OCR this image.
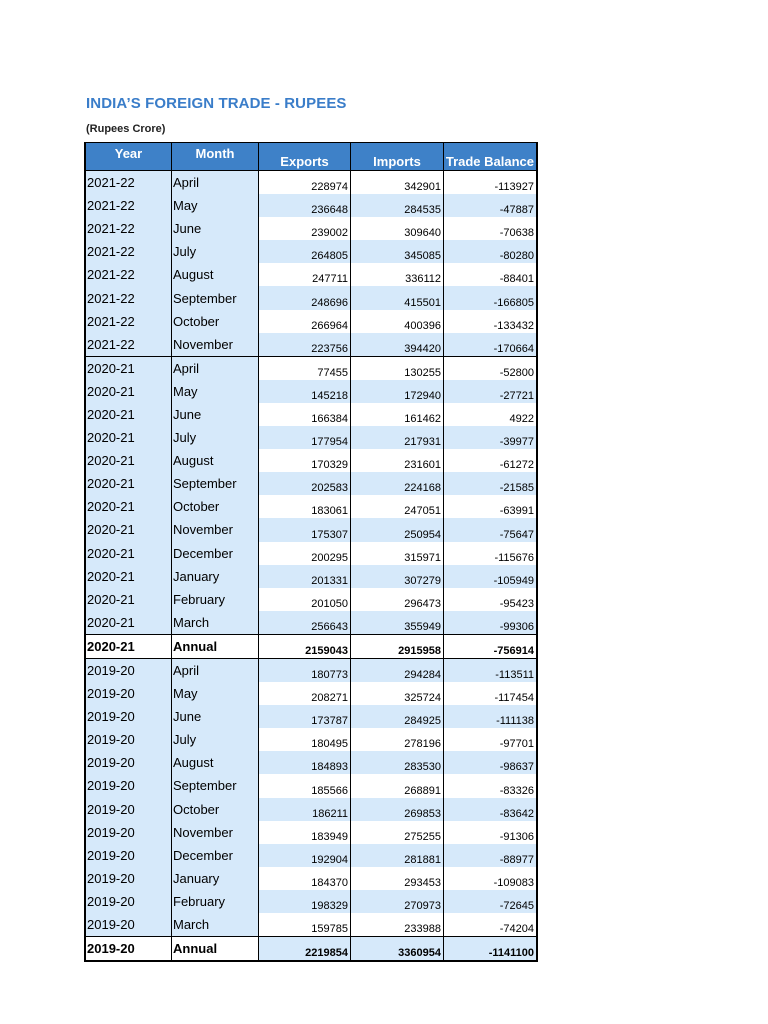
INDIA’S FOREIGN TRADE - RUPEES
(Rupees Crore)
Year	Month	Exports	Imports	Trade Balance
2021-22	April	228974	342901	-113927
2021-22	May	236648	284535	-47887
2021-22	June	239002	309640	-70638
2021-22	July	264805	345085	-80280
2021-22	August	247711	336112	-88401
2021-22	September	248696	415501	-166805
2021-22	October	266964	400396	-133432
2021-22	November	223756	394420	-170664
2020-21	April	77455	130255	-52800
2020-21	May	145218	172940	-27721
2020-21	June	166384	161462	4922
2020-21	July	177954	217931	-39977
2020-21	August	170329	231601	-61272
2020-21	September	202583	224168	-21585
2020-21	October	183061	247051	-63991
2020-21	November	175307	250954	-75647
2020-21	December	200295	315971	-115676
2020-21	January	201331	307279	-105949
2020-21	February	201050	296473	-95423
2020-21	March	256643	355949	-99306
2020-21	Annual	2159043	2915958	-756914
2019-20	April	180773	294284	-113511
2019-20	May	208271	325724	-117454
2019-20	June	173787	284925	-111138
2019-20	July	180495	278196	-97701
2019-20	August	184893	283530	-98637
2019-20	September	185566	268891	-83326
2019-20	October	186211	269853	-83642
2019-20	November	183949	275255	-91306
2019-20	December	192904	281881	-88977
2019-20	January	184370	293453	-109083
2019-20	February	198329	270973	-72645
2019-20	March	159785	233988	-74204
2019-20	Annual	2219854	3360954	-1141100
